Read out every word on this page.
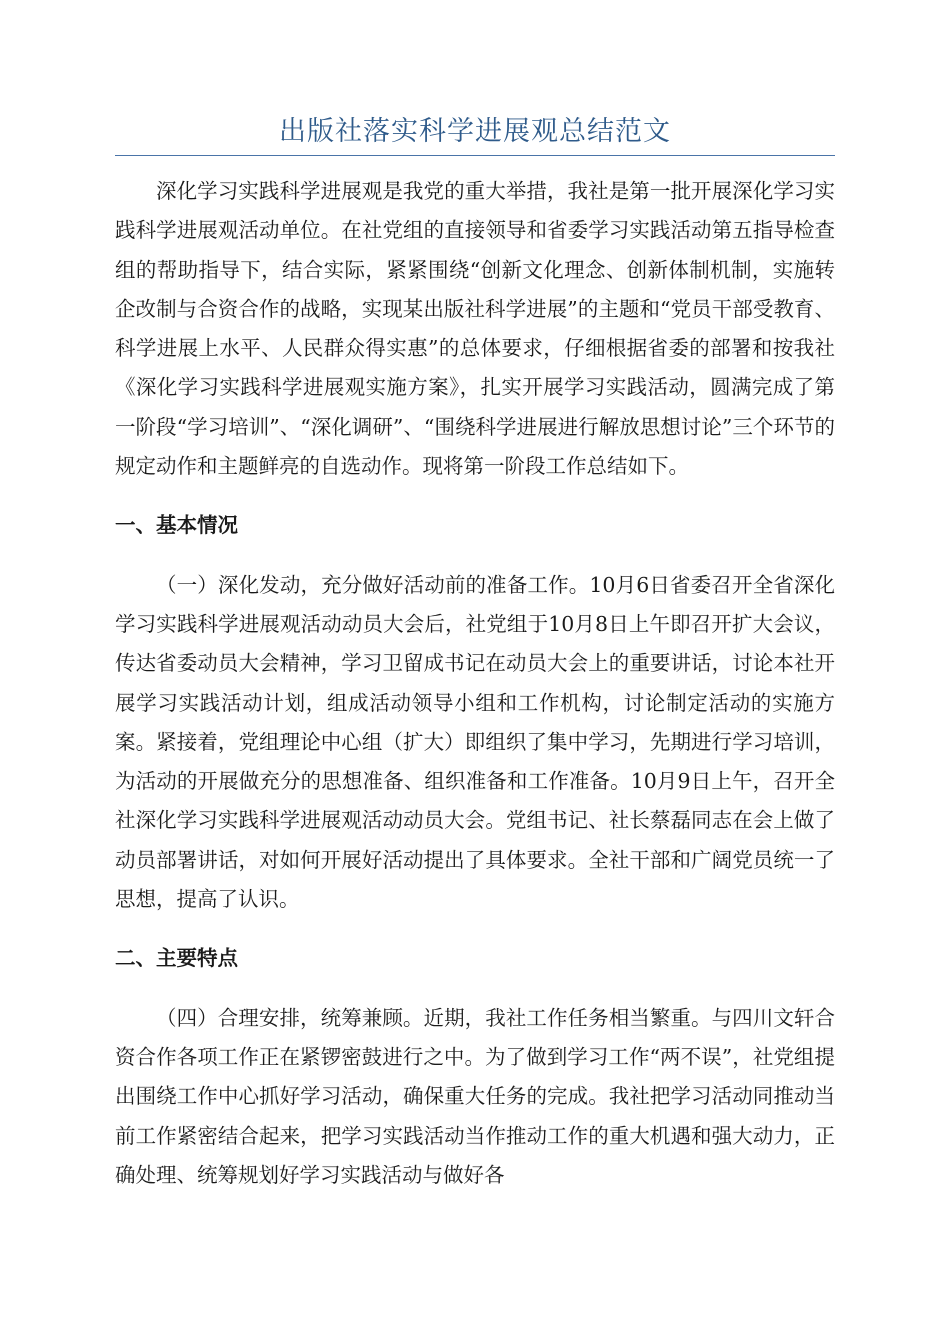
出版社落实科学进展观总结范文

深化学习实践科学进展观是我党的重大举措，我社是第一批开展深化学习实践科学进展观活动单位。在社党组的直接领导和省委学习实践活动第五指导检查组的帮助指导下，结合实际，紧紧围绕“创新文化理念、创新体制机制，实施转企改制与合资合作的战略，实现某出版社科学进展”的主题和“党员干部受教育、科学进展上水平、人民群众得实惠”的总体要求，仔细根据省委的部署和按我社《深化学习实践科学进展观实施方案》，扎实开展学习实践活动，圆满完成了第一阶段“学习培训”、“深化调研”、“围绕科学进展进行解放思想讨论”三个环节的规定动作和主题鲜亮的自选动作。现将第一阶段工作总结如下。

一、基本情况

（一）深化发动，充分做好活动前的准备工作。10月6日省委召开全省深化学习实践科学进展观活动动员大会后，社党组于10月8日上午即召开扩大会议，传达省委动员大会精神，学习卫留成书记在动员大会上的重要讲话，讨论本社开展学习实践活动计划，组成活动领导小组和工作机构，讨论制定活动的实施方案。紧接着，党组理论中心组（扩大）即组织了集中学习，先期进行学习培训，为活动的开展做充分的思想准备、组织准备和工作准备。10月9日上午，召开全社深化学习实践科学进展观活动动员大会。党组书记、社长蔡磊同志在会上做了动员部署讲话，对如何开展好活动提出了具体要求。全社干部和广阔党员统一了思想，提高了认识。

二、主要特点

（四）合理安排，统筹兼顾。近期，我社工作任务相当繁重。与四川文轩合资合作各项工作正在紧锣密鼓进行之中。为了做到学习工作“两不误”，社党组提出围绕工作中心抓好学习活动，确保重大任务的完成。我社把学习活动同推动当前工作紧密结合起来，把学习实践活动当作推动工作的重大机遇和强大动力，正确处理、统筹规划好学习实践活动与做好各
